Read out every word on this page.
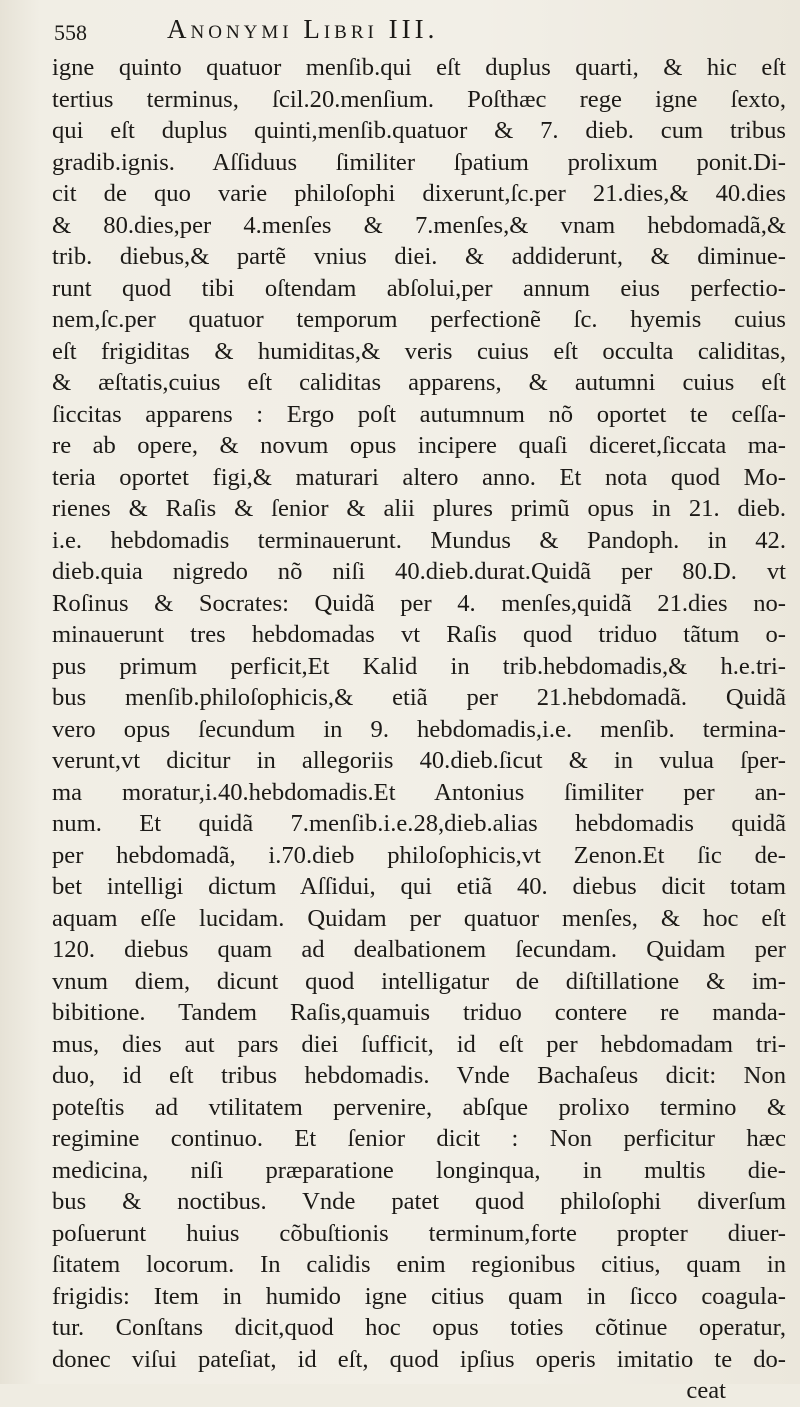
558	Anonymi Libri III.
igne quinto quatuor menſib.qui eſt duplus quarti, & hic eſt
tertius terminus, ſcil.20.menſium. Poſthæc rege igne ſexto,
qui eſt duplus quinti,menſib.quatuor & 7. dieb. cum tribus
gradib.ignis. Aſſiduus ſimiliter ſpatium prolixum ponit.Di-
cit de quo varie philoſophi dixerunt,ſc.per 21.dies,& 40.dies
& 80.dies,per 4.menſes & 7.menſes,& vnam hebdomadã,&
trib. diebus,& partẽ vnius diei. & addiderunt, & diminue-
runt quod tibi oſtendam abſolui,per annum eius perfectio-
nem,ſc.per quatuor temporum perfectionẽ ſc. hyemis cuius
eſt frigiditas & humiditas,& veris cuius eſt occulta caliditas,
& æſtatis,cuius eſt caliditas apparens, & autumni cuius eſt
ſiccitas apparens : Ergo poſt autumnum nõ oportet te ceſſa-
re ab opere, & novum opus incipere quaſi diceret,ſiccata ma-
teria oportet figi,& maturari altero anno. Et nota quod Mo-
rienes & Raſis & ſenior & alii plures primũ opus in 21. dieb.
i.e. hebdomadis terminauerunt. Mundus & Pandoph. in 42.
dieb.quia nigredo nõ niſi 40.dieb.durat.Quidã per 80.D. vt
Roſinus & Socrates: Quidã per 4. menſes,quidã 21.dies no-
minauerunt tres hebdomadas vt Raſis quod triduo tãtum o-
pus primum perficit,Et Kalid in trib.hebdomadis,& h.e.tri-
bus menſib.philoſophicis,& etiã per 21.hebdomadã. Quidã
vero opus ſecundum in 9. hebdomadis,i.e. menſib. termina-
verunt,vt dicitur in allegoriis 40.dieb.ſicut & in vulua ſper-
ma moratur,i.40.hebdomadis.Et Antonius ſimiliter per an-
num. Et quidã 7.menſib.i.e.28,dieb.alias hebdomadis quidã
per hebdomadã, i.70.dieb philoſophicis,vt Zenon.Et ſic de-
bet intelligi dictum Aſſidui, qui etiã 40. diebus dicit totam
aquam eſſe lucidam. Quidam per quatuor menſes, & hoc eſt
120. diebus quam ad dealbationem ſecundam. Quidam per
vnum diem, dicunt quod intelligatur de diſtillatione & im-
bibitione. Tandem Raſis,quamuis triduo contere re manda-
mus, dies aut pars diei ſufficit, id eſt per hebdomadam tri-
duo, id eſt tribus hebdomadis. Vnde Bachaſeus dicit: Non
poteſtis ad vtilitatem pervenire, abſque prolixo termino &
regimine continuo. Et ſenior dicit : Non perficitur hæc
medicina, niſi præparatione longinqua, in multis die-
bus & noctibus. Vnde patet quod philoſophi diverſum
poſuerunt huius cõbuſtionis terminum,forte propter diuer-
ſitatem locorum. In calidis enim regionibus citius, quam in
frigidis: Item in humido igne citius quam in ſicco coagula-
tur. Conſtans dicit,quod hoc opus toties cõtinue operatur,
donec viſui pateſiat, id eſt, quod ipſius operis imitatio te do-
ceat
